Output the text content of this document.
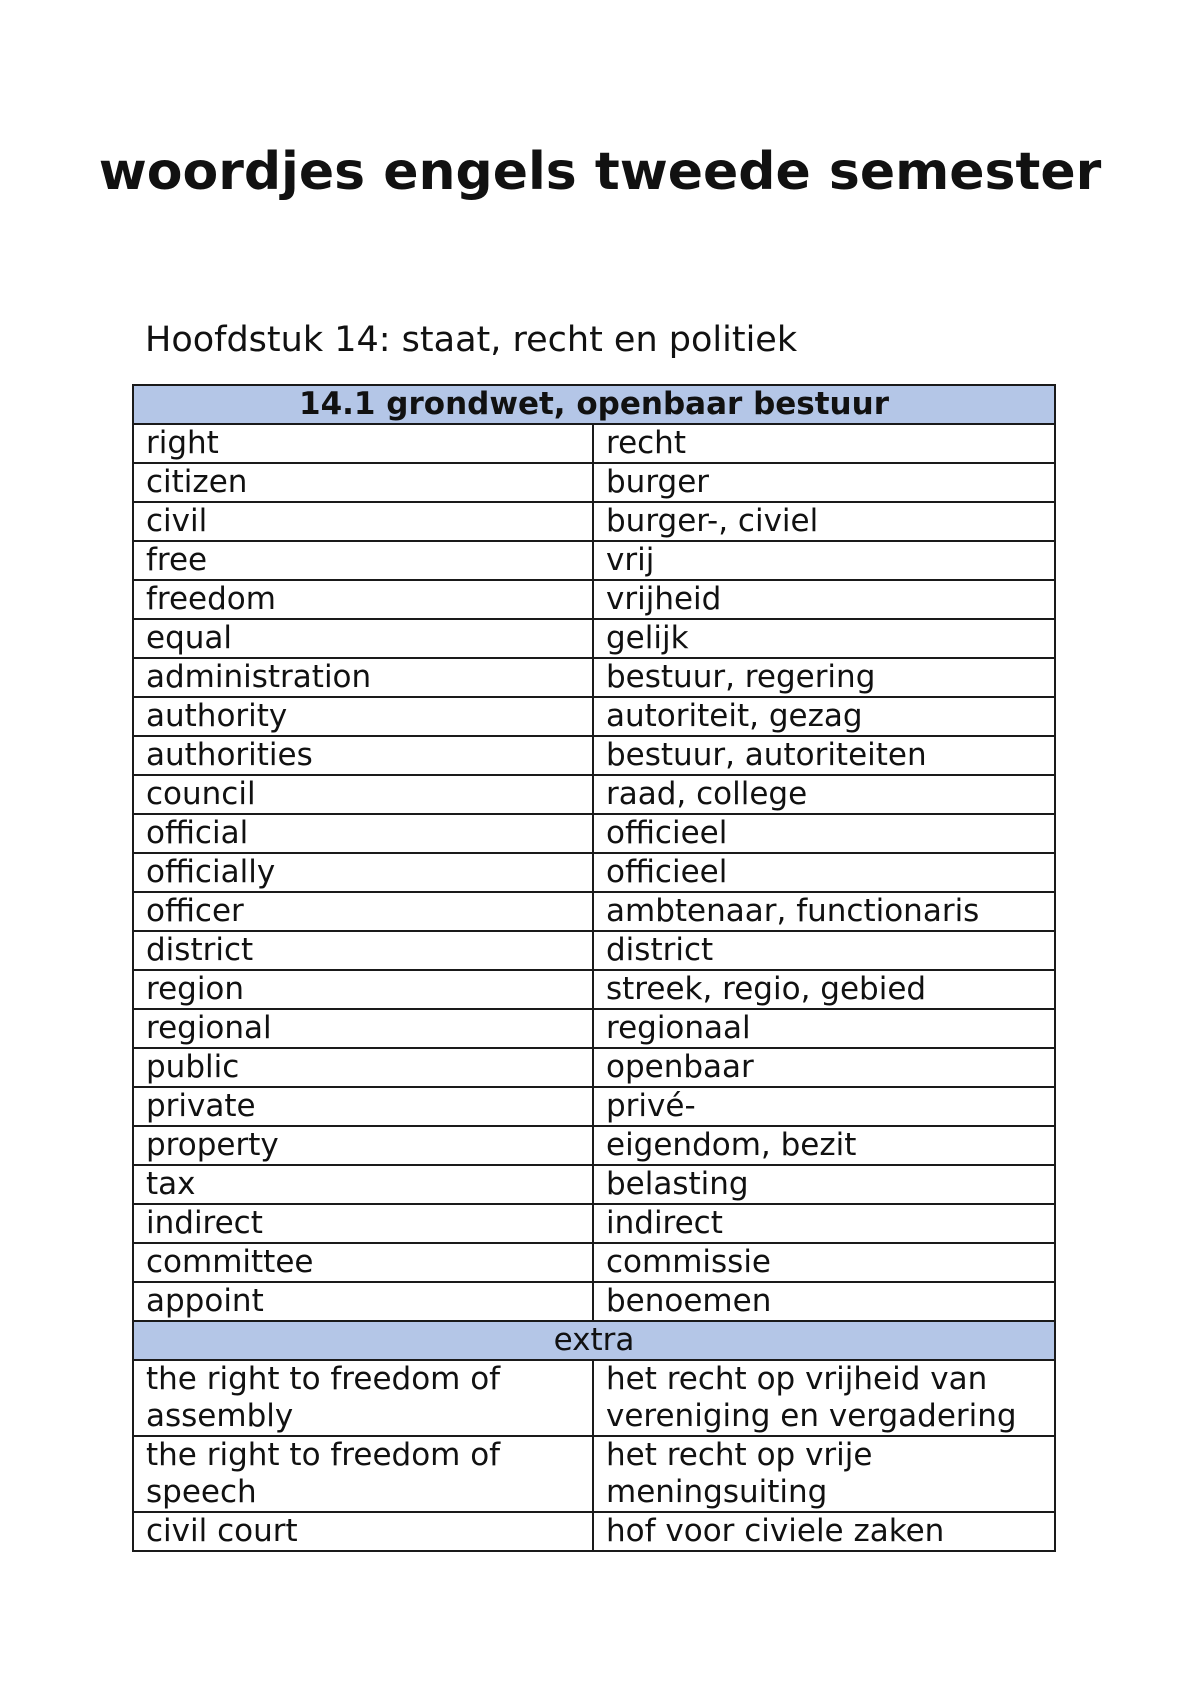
woordjes engels tweede semester
Hoofdstuk 14: staat, recht en politiek
14.1 grondwet, openbaar bestuur	
right	recht
citizen	burger
civil	burger-, civiel
free	vrij
freedom	vrijheid
equal	gelijk
administration	bestuur, regering
authority	autoriteit, gezag
authorities	bestuur, autoriteiten
council	raad, college
official	officieel
officially	officieel
officer	ambtenaar, functionaris
district	district
region	streek, regio, gebied
regional	regionaal
public	openbaar
private	privé-
property	eigendom, bezit
tax	belasting
indirect	indirect
committee	commissie
appoint	benoemen
extra	
the right to freedom of assembly	het recht op vrijheid van vereniging en vergadering
the right to freedom of speech	het recht op vrije meningsuiting
civil court	hof voor civiele zaken
